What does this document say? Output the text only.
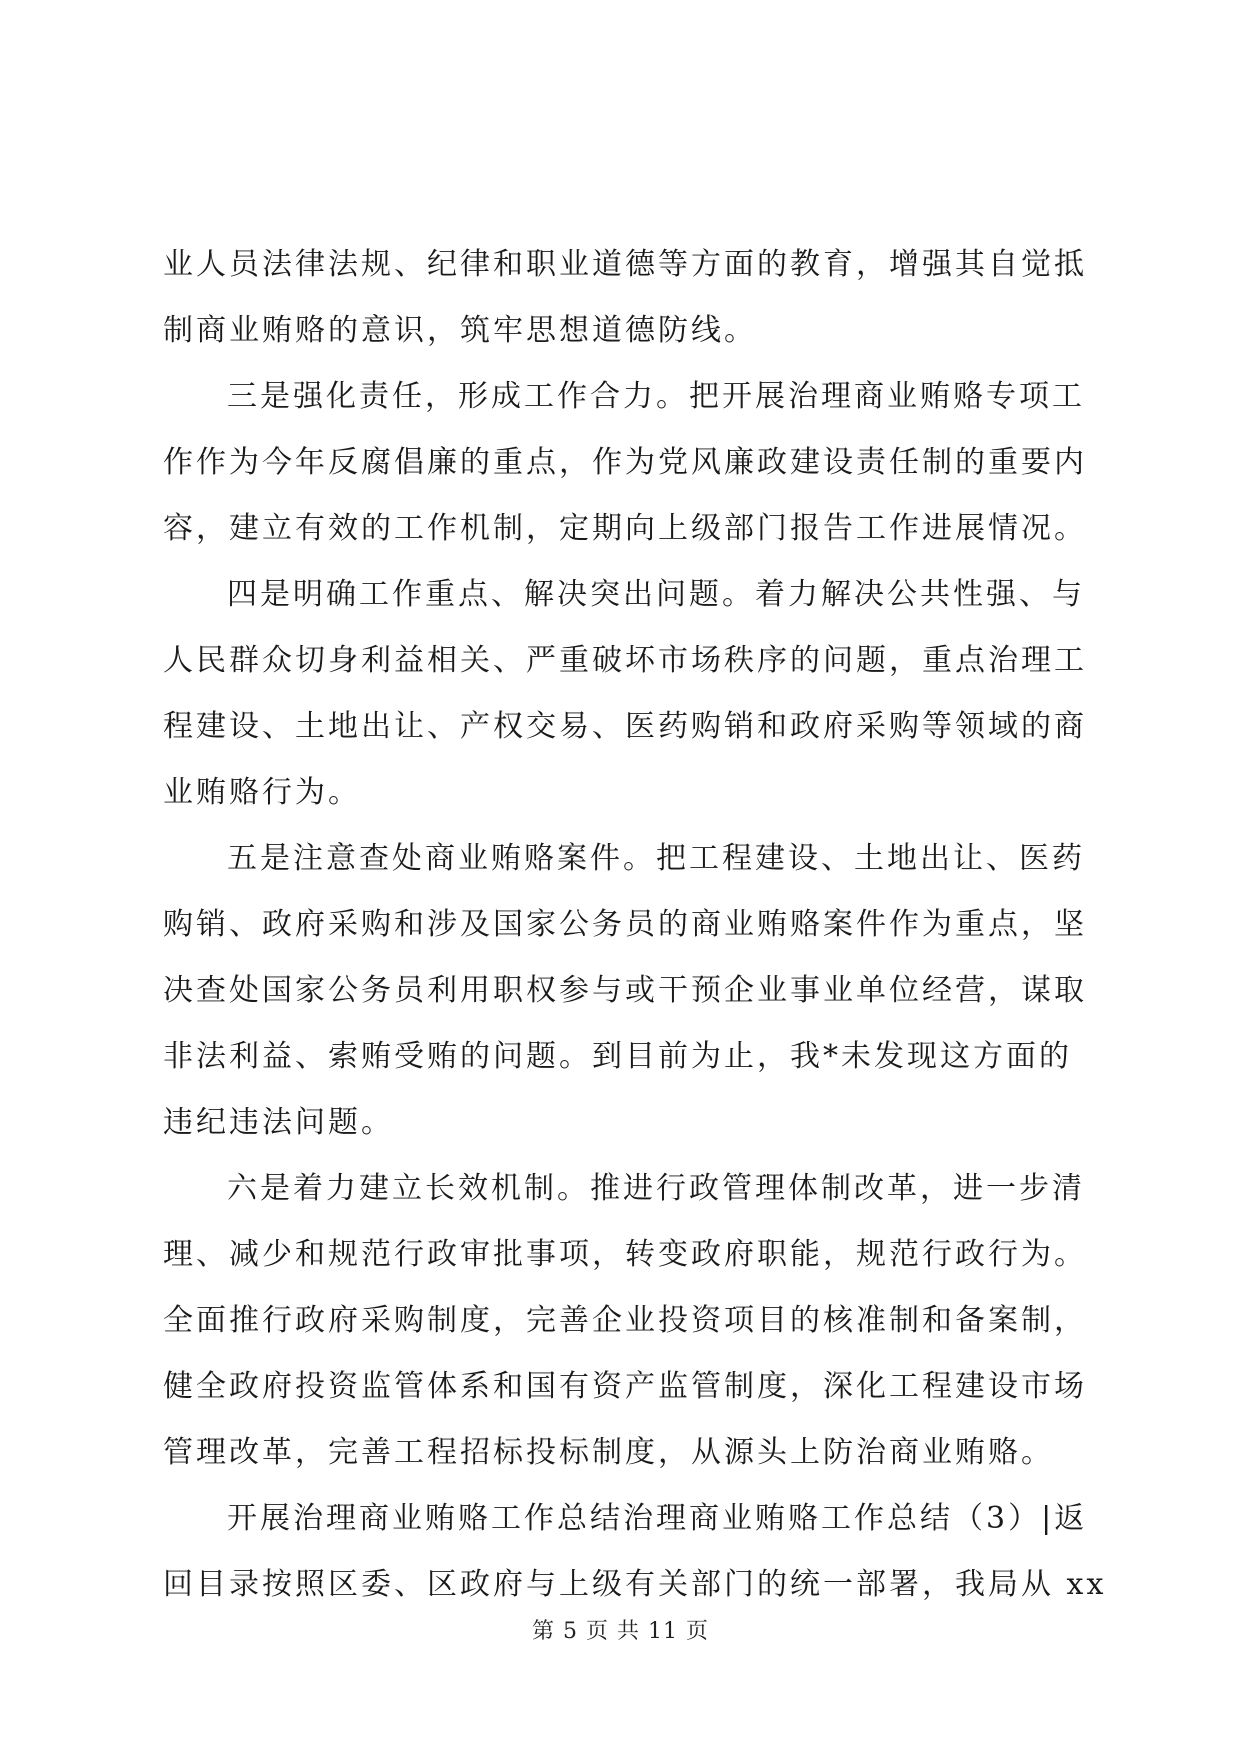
业人员法律法规、纪律和职业道德等方面的教育，增强其自觉抵
制商业贿赂的意识，筑牢思想道德防线。
三是强化责任，形成工作合力。把开展治理商业贿赂专项工
作作为今年反腐倡廉的重点，作为党风廉政建设责任制的重要内
容，建立有效的工作机制，定期向上级部门报告工作进展情况。
四是明确工作重点、解决突出问题。着力解决公共性强、与
人民群众切身利益相关、严重破坏市场秩序的问题，重点治理工
程建设、土地出让、产权交易、医药购销和政府采购等领域的商
业贿赂行为。
五是注意查处商业贿赂案件。把工程建设、土地出让、医药
购销、政府采购和涉及国家公务员的商业贿赂案件作为重点，坚
决查处国家公务员利用职权参与或干预企业事业单位经营，谋取
非法利益、索贿受贿的问题。到目前为止，我*未发现这方面的
违纪违法问题。
六是着力建立长效机制。推进行政管理体制改革，进一步清
理、减少和规范行政审批事项，转变政府职能，规范行政行为。
全面推行政府采购制度，完善企业投资项目的核准制和备案制，
健全政府投资监管体系和国有资产监管制度，深化工程建设市场
管理改革，完善工程招标投标制度，从源头上防治商业贿赂。
开展治理商业贿赂工作总结治理商业贿赂工作总结（3）|返
回目录按照区委、区政府与上级有关部门的统一部署，我局从 xx
第 5 页 共 11 页
